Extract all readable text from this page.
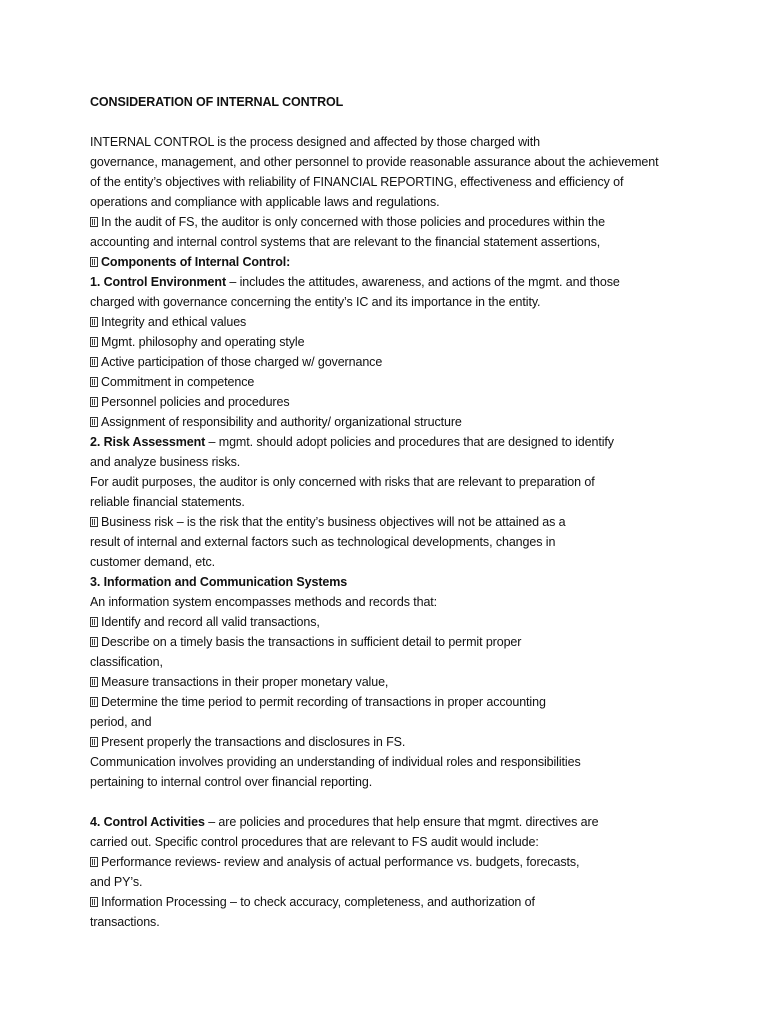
CONSIDERATION OF INTERNAL CONTROL
INTERNAL CONTROL is the process designed and affected by those charged with
governance, management, and other personnel to provide reasonable assurance about the achievement
of the entity’s objectives with reliability of FINANCIAL REPORTING, effectiveness and efficiency of
operations and compliance with applicable laws and regulations.
In the audit of FS, the auditor is only concerned with those policies and procedures within the
accounting and internal control systems that are relevant to the financial statement assertions,
Components of Internal Control:
1. Control Environment – includes the attitudes, awareness, and actions of the mgmt. and those
charged with governance concerning the entity’s IC and its importance in the entity.
Integrity and ethical values
Mgmt. philosophy and operating style
Active participation of those charged w/ governance
Commitment in competence
Personnel policies and procedures
Assignment of responsibility and authority/ organizational structure
2. Risk Assessment – mgmt. should adopt policies and procedures that are designed to identify
and analyze business risks.
For audit purposes, the auditor is only concerned with risks that are relevant to preparation of
reliable financial statements.
Business risk – is the risk that the entity’s business objectives will not be attained as a
result of internal and external factors such as technological developments, changes in
customer demand, etc.
3. Information and Communication Systems
An information system encompasses methods and records that:
Identify and record all valid transactions,
Describe on a timely basis the transactions in sufficient detail to permit proper
classification,
Measure transactions in their proper monetary value,
Determine the time period to permit recording of transactions in proper accounting
period, and
Present properly the transactions and disclosures in FS.
Communication involves providing an understanding of individual roles and responsibilities
pertaining to internal control over financial reporting.
4. Control Activities – are policies and procedures that help ensure that mgmt. directives are
carried out. Specific control procedures that are relevant to FS audit would include:
Performance reviews- review and analysis of actual performance vs. budgets, forecasts,
and PY’s.
Information Processing – to check accuracy, completeness, and authorization of
transactions.
